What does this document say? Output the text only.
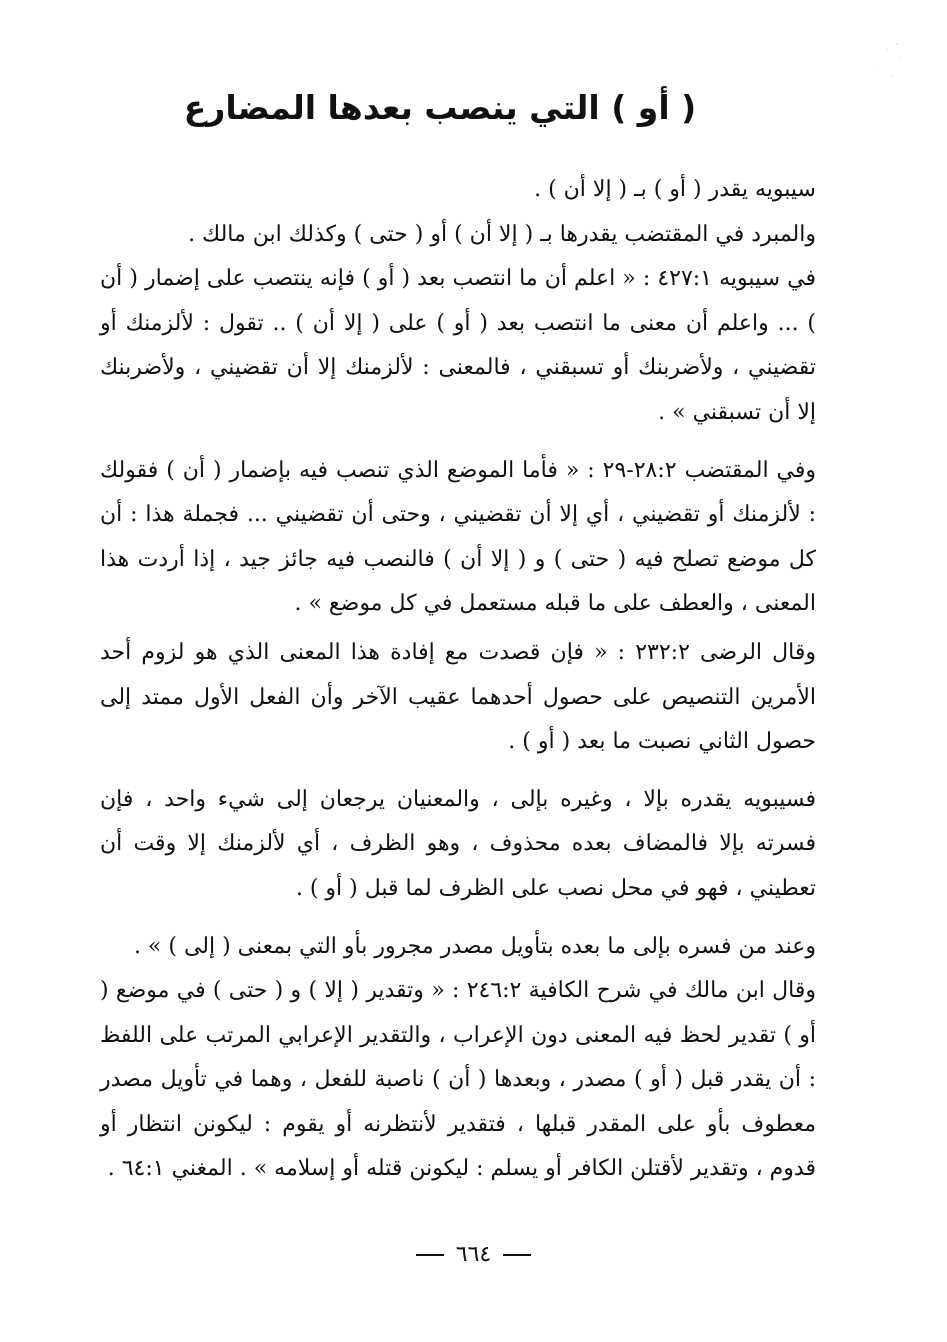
( أو ) التي ينصب بعدها المضارع

سيبويه يقدر ( أو ) بـ ( إلا أن ) .

والمبرد في المقتضب يقدرها بـ ( إلا أن ) أو ( حتى ) وكذلك ابن مالك .

في سيبويه ٤٢٧:١ : « اعلم أن ما انتصب بعد ( أو ) فإنه ينتصب على إضمار ( أن ) ... واعلم أن معنى ما انتصب بعد ( أو ) على ( إلا أن ) .. تقول : لألزمنك أو تقضيني ، ولأضربنك أو تسبقني ، فالمعنى : لألزمنك إلا أن تقضيني ، ولأضربنك إلا أن تسبقني » .

وفي المقتضب ٢٨:٢-٢٩ : « فأما الموضع الذي تنصب فيه بإضمار ( أن ) فقولك : لألزمنك أو تقضيني ، أي إلا أن تقضيني ، وحتى أن تقضيني ... فجملة هذا : أن كل موضع تصلح فيه ( حتى ) و ( إلا أن ) فالنصب فيه جائز جيد ، إذا أردت هذا المعنى ، والعطف على ما قبله مستعمل في كل موضع » .

وقال الرضى ٢٣٢:٢ : « فإن قصدت مع إفادة هذا المعنى الذي هو لزوم أحد الأمرين التنصيص على حصول أحدهما عقيب الآخر وأن الفعل الأول ممتد إلى حصول الثاني نصبت ما بعد ( أو ) .

فسيبويه يقدره بإلا ، وغيره بإلى ، والمعنيان يرجعان إلى شيء واحد ، فإن فسرته بإلا فالمضاف بعده محذوف ، وهو الظرف ، أي لألزمنك إلا وقت أن تعطيني ، فهو في محل نصب على الظرف لما قبل ( أو ) .

وعند من فسره بإلى ما بعده بتأويل مصدر مجرور بأو التي بمعنى ( إلى ) » .

وقال ابن مالك في شرح الكافية ٢٤٦:٢ : « وتقدير ( إلا ) و ( حتى ) في موضع ( أو ) تقدير لحظ فيه المعنى دون الإعراب ، والتقدير الإعرابي المرتب على اللفظ : أن يقدر قبل ( أو ) مصدر ، وبعدها ( أن ) ناصبة للفعل ، وهما في تأويل مصدر معطوف بأو على المقدر قبلها ، فتقدير لأنتظرنه أو يقوم : ليكونن انتظار أو قدوم ، وتقدير لأقتلن الكافر أو يسلم : ليكونن قتله أو إسلامه » . المغني ٦٤:١ .

٦٦٤
